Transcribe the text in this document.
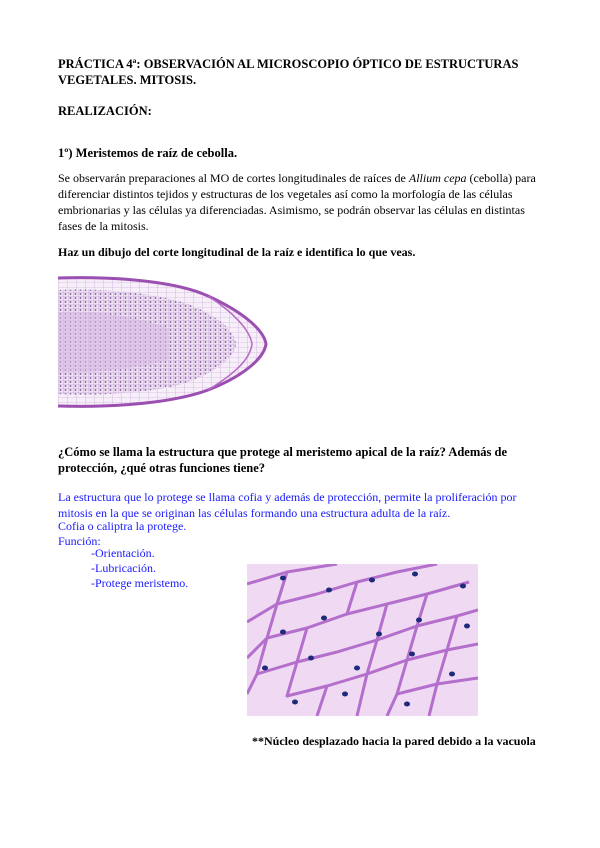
PRÁCTICA 4ª: OBSERVACIÓN AL MICROSCOPIO ÓPTICO DE ESTRUCTURAS VEGETALES. MITOSIS.
REALIZACIÓN:
1º) Meristemos de raíz de cebolla.
Se observarán preparaciones al MO de cortes longitudinales de raíces de Allium cepa (cebolla) para diferenciar distintos tejidos y estructuras de los vegetales así como la morfología de las células embrionarias y las células ya diferenciadas. Asimismo, se podrán observar las células en distintas fases de la mitosis.
Haz un dibujo del corte longitudinal de la raíz e identifica lo que veas.
¿Cómo se llama la estructura que protege al meristemo apical de la raíz? Además de protección, ¿qué otras funciones tiene?
La estructura que lo protege se llama cofia y además de protección, permite la proliferación por mitosis en la que se originan las células formando una estructura adulta de la raíz.
Cofia o caliptra la protege.
Función:
-Orientación.
-Lubricación.
-Protege meristemo.
**Núcleo desplazado hacia la pared debido a la vacuola
